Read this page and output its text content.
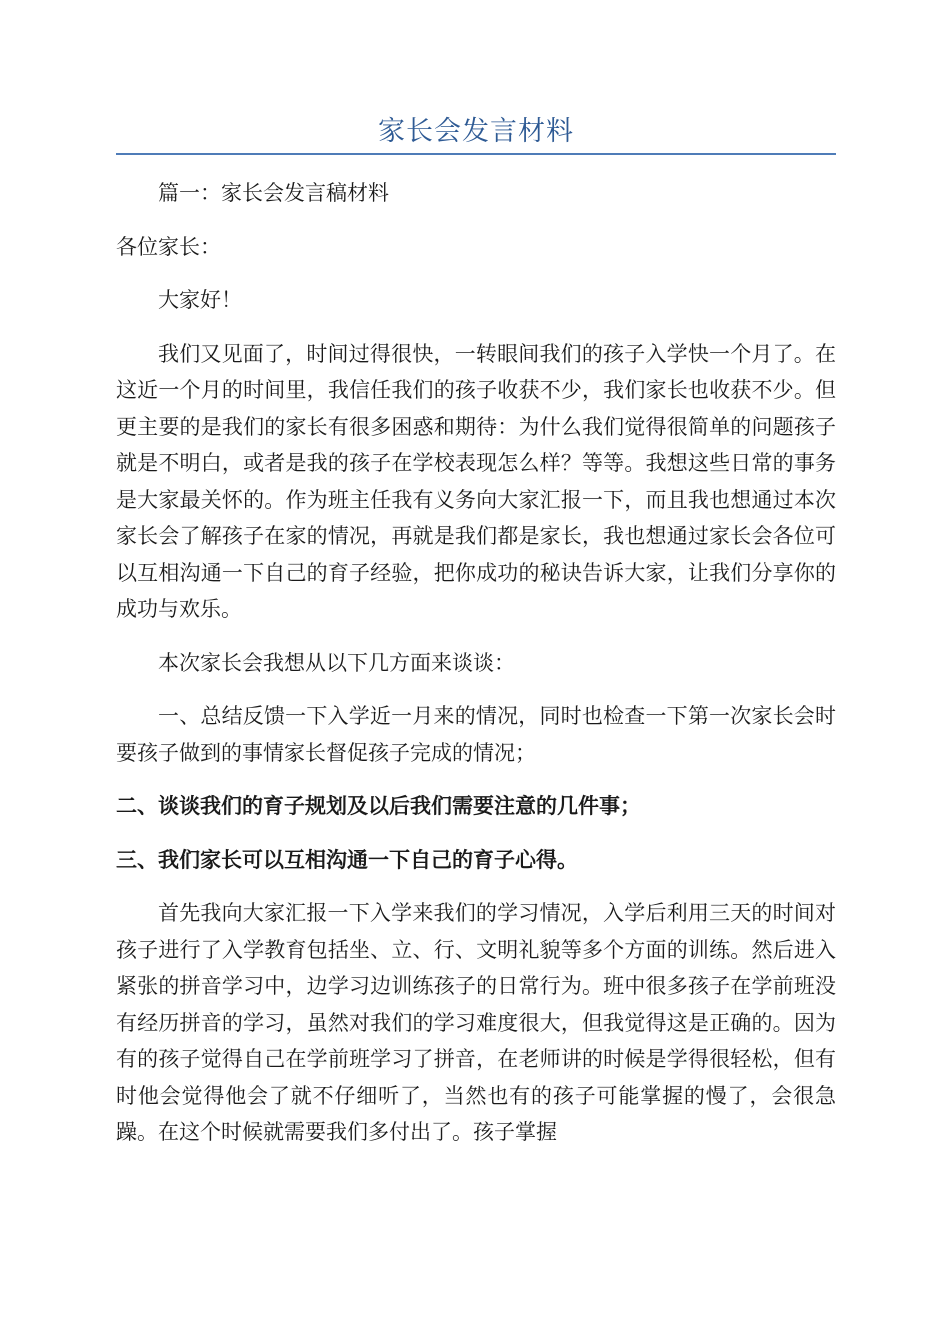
家长会发言材料
篇一：家长会发言稿材料
各位家长：
大家好！
我们又见面了，时间过得很快，一转眼间我们的孩子入学快一个月了。在这近一个月的时间里，我信任我们的孩子收获不少，我们家长也收获不少。但更主要的是我们的家长有很多困惑和期待：为什么我们觉得很简单的问题孩子就是不明白，或者是我的孩子在学校表现怎么样？等等。我想这些日常的事务是大家最关怀的。作为班主任我有义务向大家汇报一下，而且我也想通过本次家长会了解孩子在家的情况，再就是我们都是家长，我也想通过家长会各位可以互相沟通一下自己的育子经验，把你成功的秘诀告诉大家，让我们分享你的成功与欢乐。
本次家长会我想从以下几方面来谈谈：
一、总结反馈一下入学近一月来的情况，同时也检查一下第一次家长会时要孩子做到的事情家长督促孩子完成的情况；
二、谈谈我们的育子规划及以后我们需要注意的几件事；
三、我们家长可以互相沟通一下自己的育子心得。
首先我向大家汇报一下入学来我们的学习情况，入学后利用三天的时间对孩子进行了入学教育包括坐、立、行、文明礼貌等多个方面的训练。然后进入紧张的拼音学习中，边学习边训练孩子的日常行为。班中很多孩子在学前班没有经历拼音的学习，虽然对我们的学习难度很大，但我觉得这是正确的。因为有的孩子觉得自己在学前班学习了拼音，在老师讲的时候是学得很轻松，但有时他会觉得他会了就不仔细听了，当然也有的孩子可能掌握的慢了，会很急躁。在这个时候就需要我们多付出了。孩子掌握
